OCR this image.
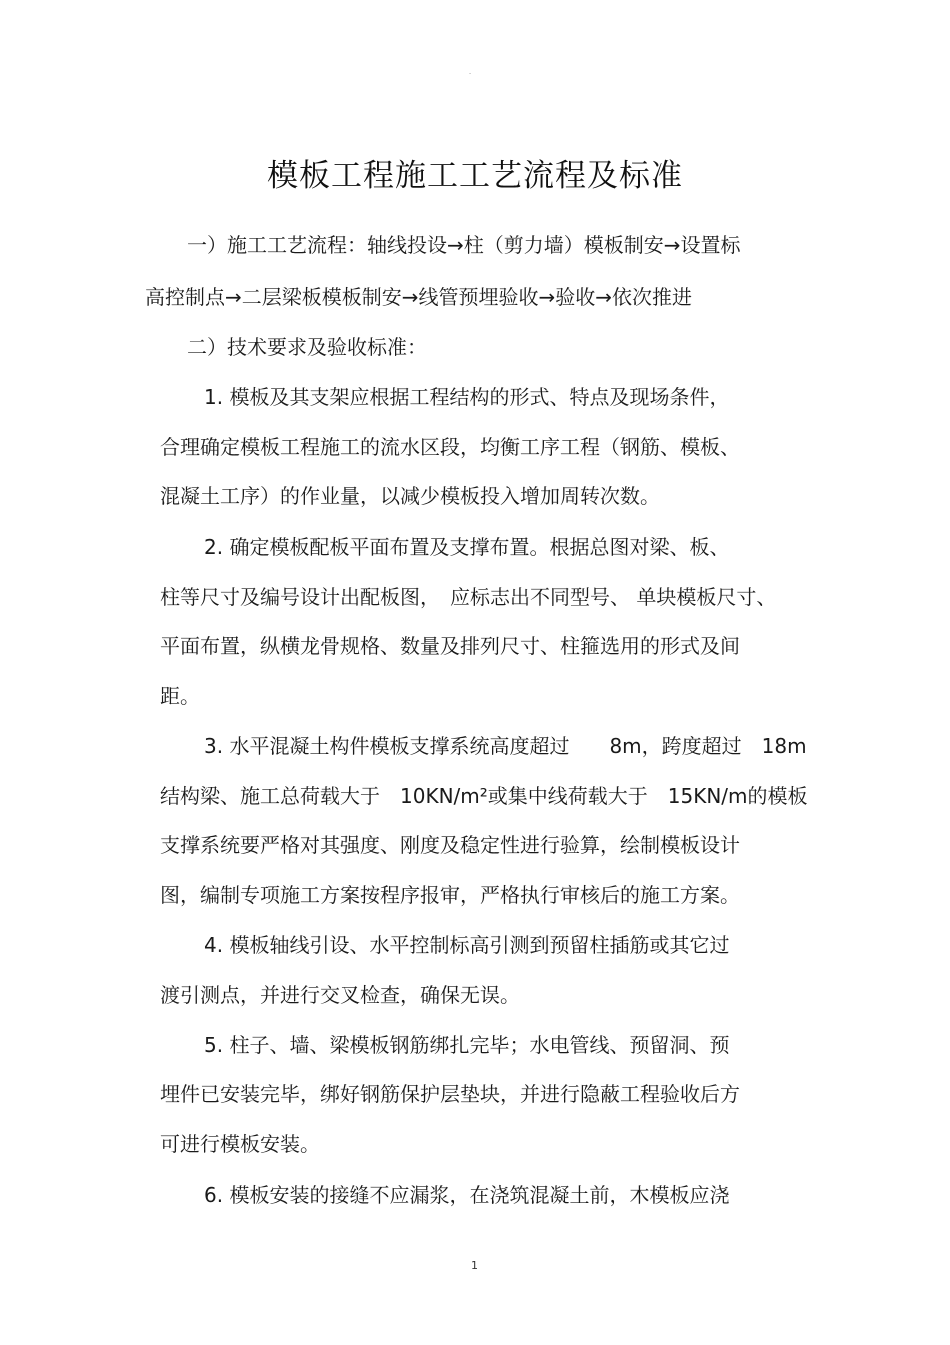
-
模板工程施工工艺流程及标准
一）施工工艺流程：轴线投设→柱（剪力墙）模板制安→设置标
高控制点→二层梁板模板制安→线管预埋验收→验收→依次推进
二）技术要求及验收标准：
1. 模板及其支架应根据工程结构的形式、特点及现场条件，
合理确定模板工程施工的流水区段，均衡工序工程（钢筋、模板、
混凝土工序）的作业量，以减少模板投入增加周转次数。
2. 确定模板配板平面布置及支撑布置。根据总图对梁、板、
柱等尺寸及编号设计出配板图，　应标志出不同型号、 单块模板尺寸、
平面布置，纵横龙骨规格、数量及排列尺寸、柱箍选用的形式及间
距。
3. 水平混凝土构件模板支撑系统高度超过　　8m，跨度超过　18m
结构梁、施工总荷载大于　10KN/m²或集中线荷载大于　15KN/m的模板
支撑系统要严格对其强度、刚度及稳定性进行验算，绘制模板设计
图，编制专项施工方案按程序报审，严格执行审核后的施工方案。
4. 模板轴线引设、水平控制标高引测到预留柱插筋或其它过
渡引测点，并进行交叉检查，确保无误。
5. 柱子、墙、梁模板钢筋绑扎完毕；水电管线、预留洞、预
埋件已安装完毕，绑好钢筋保护层垫块，并进行隐蔽工程验收后方
可进行模板安装。
6. 模板安装的接缝不应漏浆，在浇筑混凝土前，木模板应浇
1
